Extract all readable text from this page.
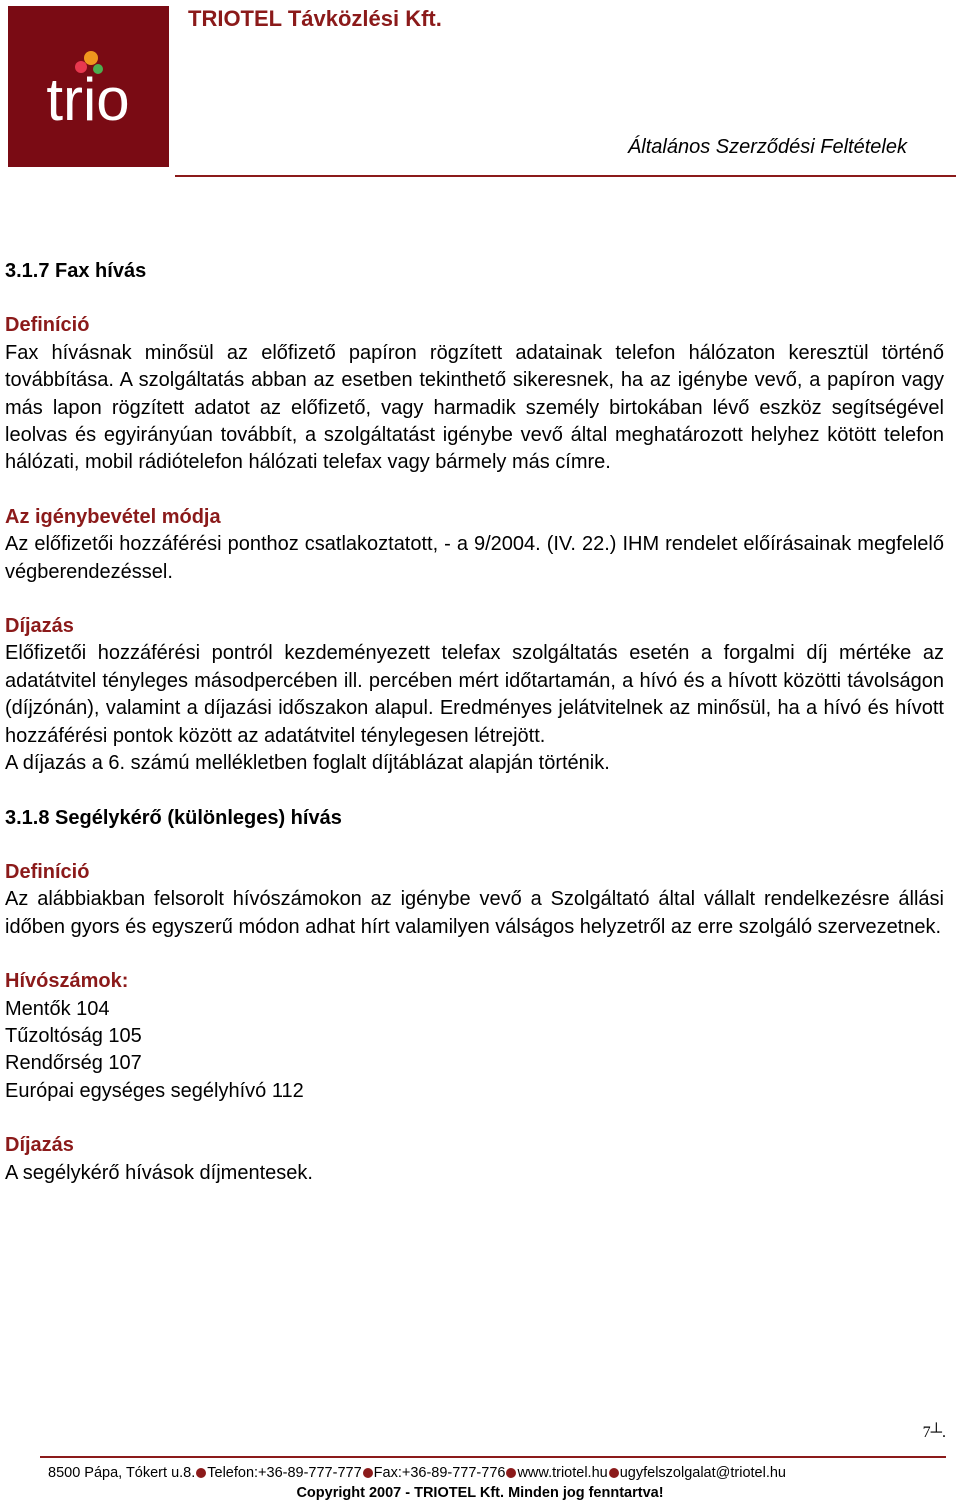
trio
TRIOTEL Távközlési Kft.
Általános Szerződési Feltételek

3.1.7 Fax hívás

Definíció

Fax hívásnak minősül az előfizető papíron rögzített adatainak telefon hálózaton keresztül történő továbbítása. A szolgáltatás abban az esetben tekinthető sikeresnek, ha az igénybe vevő, a papíron vagy más lapon rögzített adatot az előfizető, vagy harmadik személy birtokában lévő eszköz segítségével leolvas és egyirányúan továbbít, a szolgáltatást igénybe vevő által meghatározott helyhez kötött telefon hálózati, mobil rádiótelefon hálózati telefax vagy bármely más címre.

Az igénybevétel módja

Az előfizetői hozzáférési ponthoz csatlakoztatott, - a 9/2004. (IV. 22.) IHM rendelet előírásainak megfelelő végberendezéssel.

Díjazás

Előfizetői hozzáférési pontról kezdeményezett telefax szolgáltatás esetén a forgalmi díj mértéke az adatátvitel tényleges másodpercében ill. percében mért időtartamán, a hívó és a hívott közötti távolságon (díjzónán), valamint a díjazási időszakon alapul. Eredményes jelátvitelnek az minősül, ha a hívó és hívott hozzáférési pontok között az adatátvitel ténylegesen létrejött.

A díjazás a 6. számú mellékletben foglalt díjtáblázat alapján történik.

3.1.8 Segélykérő (különleges) hívás

Definíció

Az alábbiakban felsorolt hívószámokon az igénybe vevő a Szolgáltató által vállalt rendelkezésre állási időben gyors és egyszerű módon adhat hírt valamilyen válságos helyzetről az erre szolgáló szervezetnek.

Hívószámok:

Mentők 104

Tűzoltóság 105

Rendőrség 107

Európai egységes segélyhívó 112

Díjazás

A segélykérő hívások díjmentesek.

7┴.
8500 Pápa, Tókert u.8. Telefon:+36-89-777-777 Fax:+36-89-777-776 www.triotel.hu ugyfelszolgalat@triotel.hu
Copyright 2007 - TRIOTEL Kft. Minden jog fenntartva!
